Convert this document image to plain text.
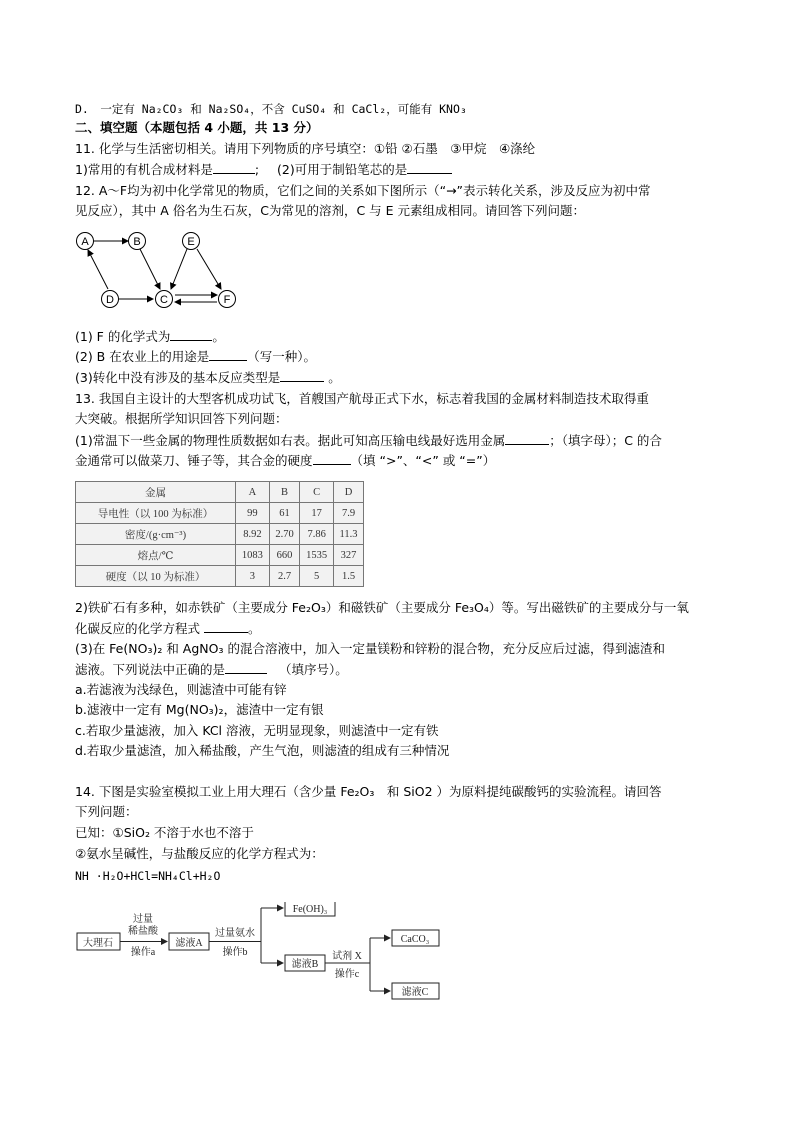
D.　一定有 Na₂CO₃ 和 Na₂SO₄，不含 CuSO₄ 和 CaCl₂，可能有 KNO₃
二、填空题（本题包括 4 小题，共 13 分）
11. 化学与生活密切相关。请用下列物质的序号填空：①铅 ②石墨　③甲烷　④涤纶
1)常用的有机合成材料是	; (2)可用于制铅笔芯的是
12. A～F均为初中化学常见的物质，它们之间的关系如下图所示（“→”表示转化关系，涉及反应为初中常
见反应），其中 A 俗名为生石灰，C为常见的溶剂，C 与 E 元素组成相同。请回答下列问题：
A	B
C
D
E
F
(1) F 的化学式为	。
(2) B 在农业上的用途是	（写一种）。
(3)转化中没有涉及的基本反应类型是	。
13. 我国自主设计的大型客机成功试飞，首艘国产航母正式下水，标志着我国的金属材料制造技术取得重
大突破。根据所学知识回答下列问题：
(1)常温下一些金属的物理性质数据如右表。据此可知高压输电线最好选用金属	；（填字母）；C 的合
金通常可以做菜刀、锤子等，其合金的硬度	（填 “>”、“<” 或 “=”）
金属	A	B	C	D
导电性（以 100 为标准）	99	61	17	7.9
密度/(g·cm⁻³)	8.92	2.70	7.86	11.3
熔点/℃	1083	660	1535	327
硬度（以 10 为标准）	3	2.7	5	1.5
2)铁矿石有多种，如赤铁矿（主要成分 Fe₂O₃）和磁铁矿（主要成分 Fe₃O₄）等。写出磁铁矿的主要成分与一氧
化碳反应的化学方程式	。
(3)在 Fe(NO₃)₂ 和 AgNO₃ 的混合溶液中，加入一定量镁粉和锌粉的混合物，充分反应后过滤，得到滤渣和
滤液。下列说法中正确的是	（填序号）。
a.若滤液为浅绿色，则滤渣中可能有锌
b.滤液中一定有 Mg(NO₃)₂，滤渣中一定有银
c.若取少量滤液，加入 KCl 溶液，无明显现象，则滤渣中一定有铁
d.若取少量滤渣，加入稀盐酸，产生气泡，则滤渣的组成有三种情况
14. 下图是实验室模拟工业上用大理石（含少量 Fe₂O₃　和 SiO2 ）为原料提纯碳酸钙的实验流程。请回答
下列问题：
已知：①SiO₂ 不溶于水也不溶于
②氨水呈碱性，与盐酸反应的化学方程式为：
NH ·H₂O+HCl=NH₄Cl+H₂O
大理石
过量
稀盐酸
操作a
滤液A
过量氨水
操作b
Fe(OH)₃
滤液B
试剂 X
操作c
CaCO₃
滤液C
